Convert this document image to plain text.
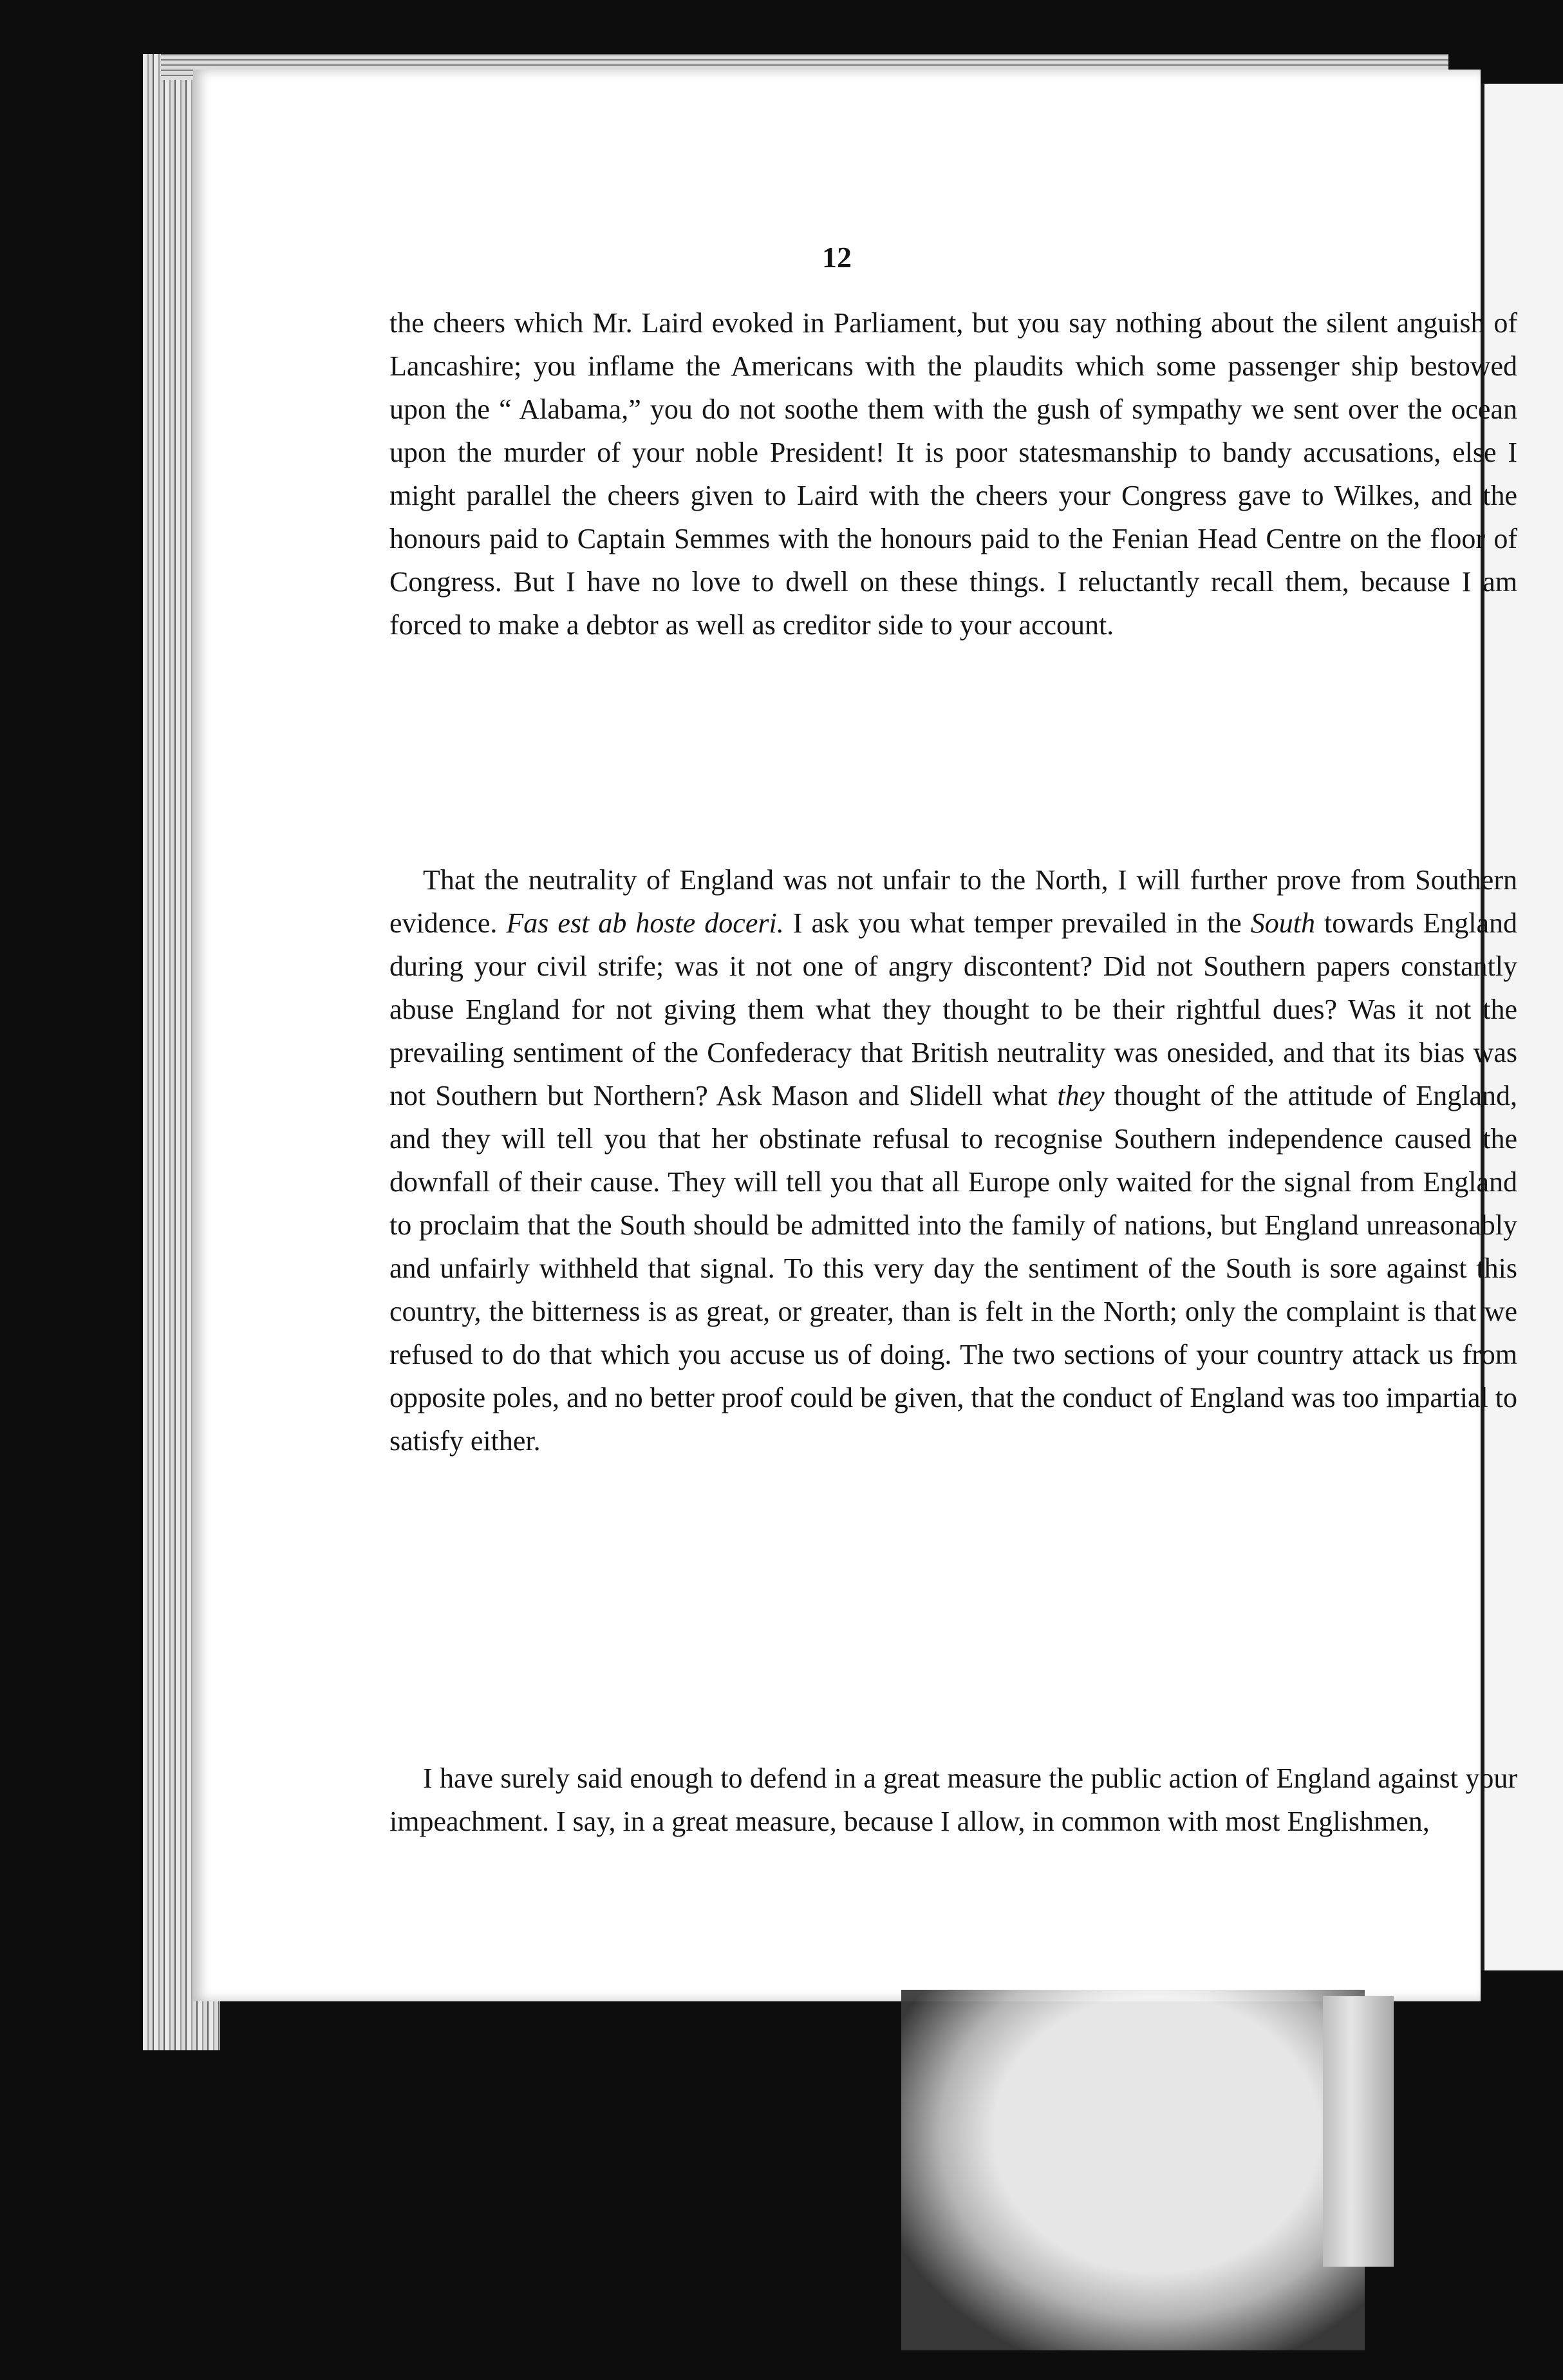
12

the cheers which Mr. Laird evoked in Parliament, but you say nothing about the silent anguish of Lancashire; you inflame the Americans with the plaudits which some passenger ship bestowed upon the “ Alabama,” you do not soothe them with the gush of sympathy we sent over the ocean upon the murder of your noble President! It is poor statesmanship to bandy accusations, else I might parallel the cheers given to Laird with the cheers your Congress gave to Wilkes, and the honours paid to Captain Semmes with the honours paid to the Fenian Head Centre on the floor of Congress. But I have no love to dwell on these things. I reluctantly recall them, because I am forced to make a debtor as well as creditor side to your account.

That the neutrality of England was not unfair to the North, I will further prove from Southern evidence. Fas est ab hoste doceri. I ask you what temper prevailed in the South towards England during your civil strife; was it not one of angry discontent? Did not Southern papers constantly abuse England for not giving them what they thought to be their rightful dues? Was it not the prevailing sentiment of the Confederacy that British neutrality was onesided, and that its bias was not Southern but Northern? Ask Mason and Slidell what they thought of the attitude of England, and they will tell you that her obstinate refusal to recognise Southern independence caused the downfall of their cause. They will tell you that all Europe only waited for the signal from England to proclaim that the South should be admitted into the family of nations, but England unreasonably and unfairly withheld that signal. To this very day the sentiment of the South is sore against this country, the bitterness is as great, or greater, than is felt in the North; only the complaint is that we refused to do that which you accuse us of doing. The two sections of your country attack us from opposite poles, and no better proof could be given, that the conduct of England was too impartial to satisfy either.

I have surely said enough to defend in a great measure the public action of England against your impeachment. I say, in a great measure, because I allow, in common with most Englishmen,
